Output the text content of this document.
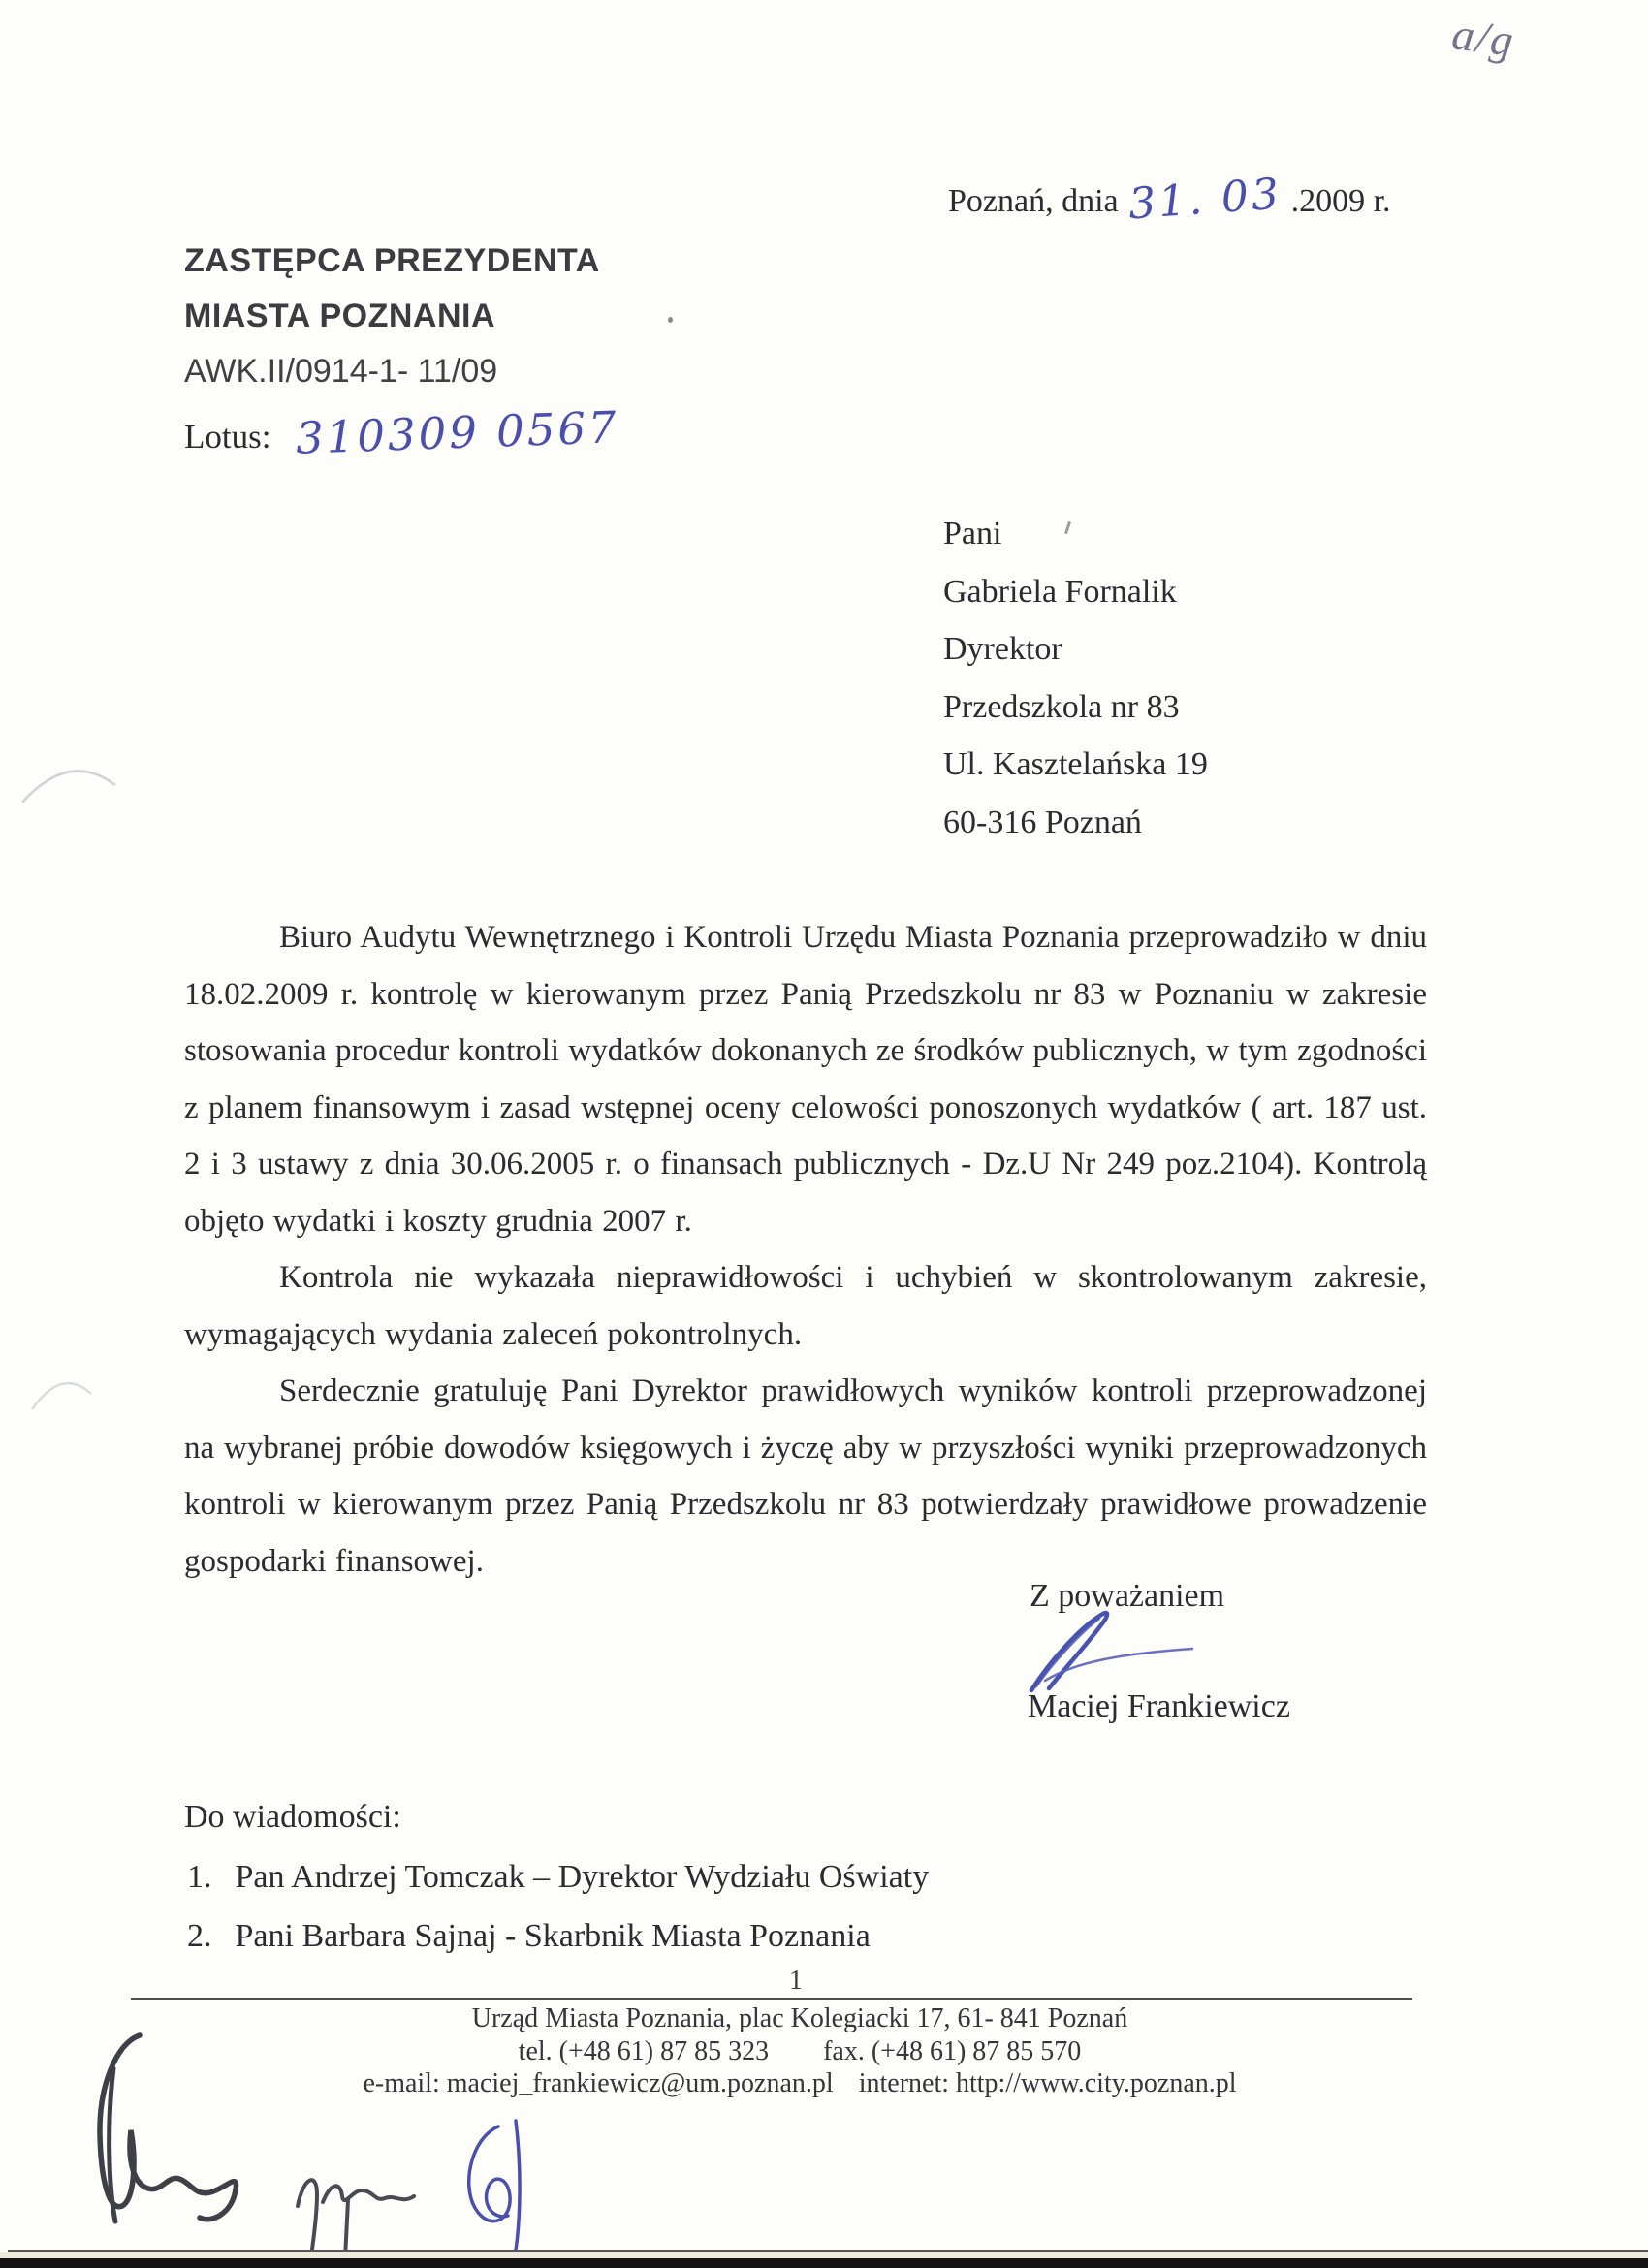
a/g
Poznań, dnia 31. 03 .2009 r.
ZASTĘPCA PREZYDENTA
MIASTA POZNANIA
AWK.II/0914-1- 11/09
Lotus: 310309 0567
Pani
Gabriela Fornalik
Dyrektor
Przedszkola nr 83
Ul. Kasztelańska 19
60-316 Poznań

Biuro Audytu Wewnętrznego i Kontroli Urzędu Miasta Poznania przeprowadziło w dniu 18.02.2009 r. kontrolę w kierowanym przez Panią Przedszkolu nr 83 w Poznaniu w zakresie stosowania procedur kontroli wydatków dokonanych ze środków publicznych, w tym zgodności z planem finansowym i zasad wstępnej oceny celowości ponoszonych wydatków ( art. 187 ust. 2 i 3 ustawy z dnia 30.06.2005 r. o finansach publicznych - Dz.U Nr 249 poz.2104). Kontrolą objęto wydatki i koszty grudnia 2007 r.

Kontrola nie wykazała nieprawidłowości i uchybień w skontrolowanym zakresie, wymagających wydania zaleceń pokontrolnych.

Serdecznie gratuluję Pani Dyrektor prawidłowych wyników kontroli przeprowadzonej na wybranej próbie dowodów księgowych i życzę aby w przyszłości wyniki przeprowadzonych kontroli w kierowanym przez Panią Przedszkolu nr 83 potwierdzały prawidłowe prowadzenie gospodarki finansowej.

Z poważaniem
Maciej Frankiewicz
Do wiadomości:
1. Pan Andrzej Tomczak – Dyrektor Wydziału Oświaty
2. Pani Barbara Sajnaj - Skarbnik Miasta Poznania
1
Urząd Miasta Poznania, plac Kolegiacki 17, 61- 841 Poznań
tel. (+48 61) 87 85 323 fax. (+48 61) 87 85 570
e-mail: maciej_frankiewicz@um.poznan.pl internet: http://www.city.poznan.pl
